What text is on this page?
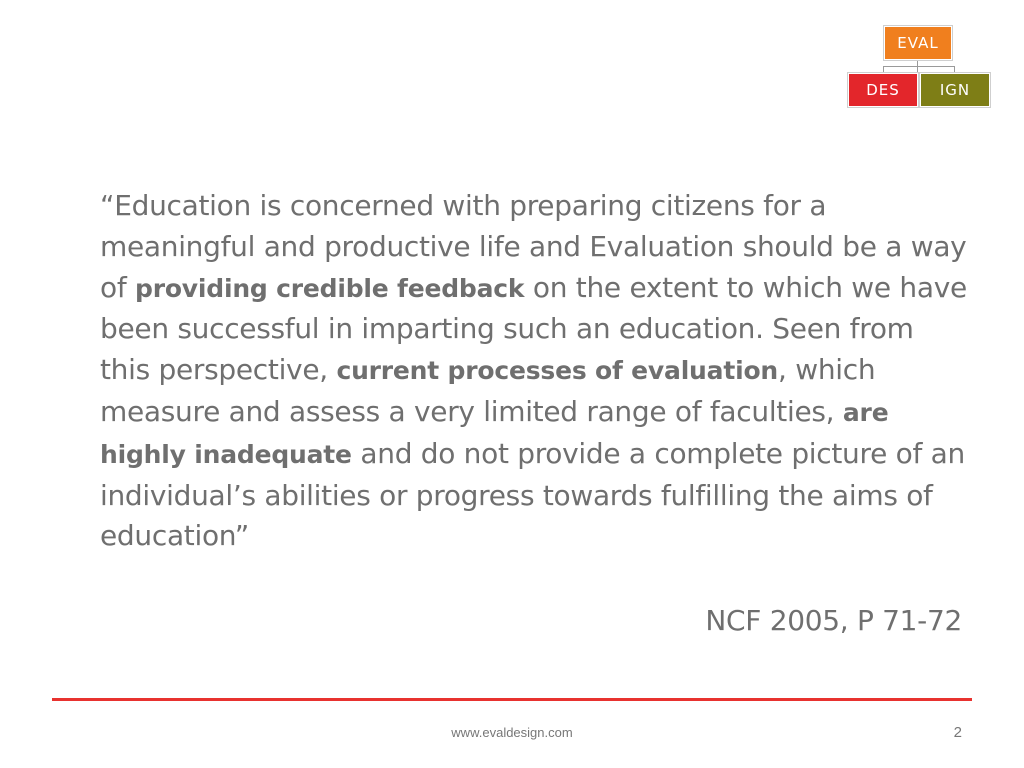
EVAL
DES	IGN

“Education is concerned with preparing citizens for a meaningful and productive life and Evaluation should be a way of providing credible feedback on the extent to which we have been successful in imparting such an education. Seen from this perspective, current processes of evaluation, which measure and assess a very limited range of faculties, are highly inadequate and do not provide a complete picture of an individual’s abilities or progress towards fulfilling the aims of education”

NCF 2005, P 71-72

www.evaldesign.com	2
